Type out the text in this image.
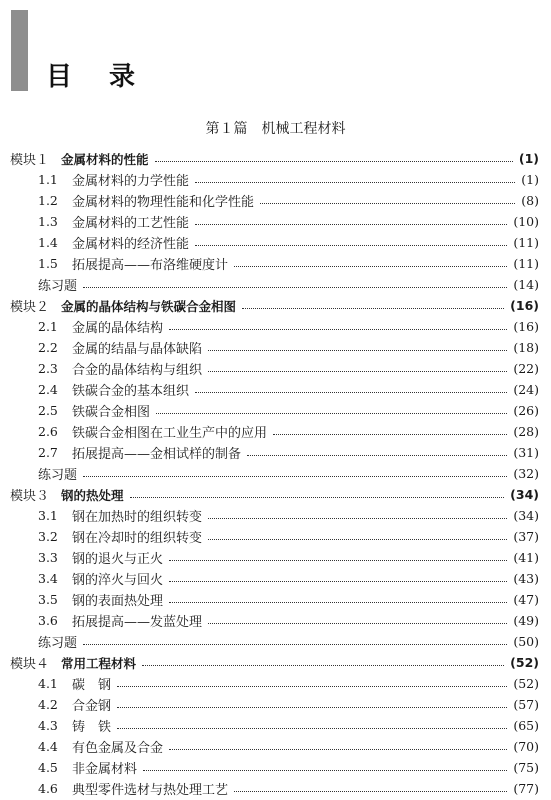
目 录
第１篇　机械工程材料
模块１ 金属材料的性能	(1)
1.1	金属材料的力学性能	(1)
1.2	金属材料的物理性能和化学性能	(8)
1.3	金属材料的工艺性能	(10)
1.4	金属材料的经济性能	(11)
1.5	拓展提高——布洛维硬度计	(11)
练习题	(14)
模块２ 金属的晶体结构与铁碳合金相图	(16)
2.1	金属的晶体结构	(16)
2.2	金属的结晶与晶体缺陷	(18)
2.3	合金的晶体结构与组织	(22)
2.4	铁碳合金的基本组织	(24)
2.5	铁碳合金相图	(26)
2.6	铁碳合金相图在工业生产中的应用	(28)
2.7	拓展提高——金相试样的制备	(31)
练习题	(32)
模块３ 钢的热处理	(34)
3.1	钢在加热时的组织转变	(34)
3.2	钢在冷却时的组织转变	(37)
3.3	钢的退火与正火	(41)
3.4	钢的淬火与回火	(43)
3.5	钢的表面热处理	(47)
3.6	拓展提高——发蓝处理	(49)
练习题	(50)
模块４ 常用工程材料	(52)
4.1	碳　钢	(52)
4.2	合金钢	(57)
4.3	铸　铁	(65)
4.4	有色金属及合金	(70)
4.5	非金属材料	(75)
4.6	典型零件选材与热处理工艺	(77)
